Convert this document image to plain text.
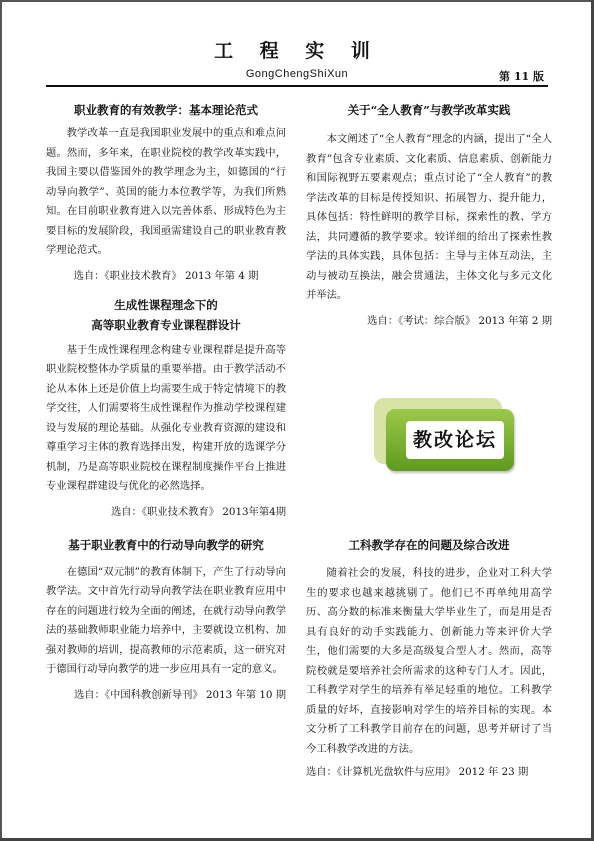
工 程 实 训
GongChengShiXun	第 11 版
职业教育的有效教学：基本理论范式

教学改革一直是我国职业发展中的重点和难点问题。然而，多年来，在职业院校的教学改革实践中，我国主要以借鉴国外的教学理念为主，如德国的“行动导向教学”、英国的能力本位教学等，为我们所熟知。在目前职业教育进入以完善体系、形成特色为主要目标的发展阶段，我国亟需建设自己的职业教育教学理论范式。

选自：《职业技术教育》 2013 年第 4 期

生成性课程理念下的
高等职业教育专业课程群设计

基于生成性课程理念构建专业课程群是提升高等职业院校整体办学质量的重要举措。由于教学活动不论从本体上还是价值上均需要生成于特定情境下的教学交往，人们需要将生成性课程作为推动学校课程建设与发展的理论基础。从强化专业教育资源的建设和尊重学习主体的教育选择出发，构建开放的选课学分机制，乃是高等职业院校在课程制度操作平台上推进专业课程群建设与优化的必然选择。

选自：《职业技术教育》 2013年第4期

基于职业教育中的行动导向教学的研究

在德国“双元制”的教育体制下，产生了行动导向教学法。文中首先行动导向教学法在职业教育应用中存在的问题进行较为全面的阐述，在就行动导向教学法的基础教师职业能力培养中，主要就设立机构、加强对教师的培训，提高教师的示范素质，这一研究对于德国行动导向教学的进一步应用具有一定的意义。

选自：《中国科教创新导刊》 2013 年第 10 期

关于“全人教育”与教学改革实践

本文阐述了“全人教育”理念的内涵，提出了“全人教育”包含专业素质、文化素质、信息素质、创新能力和国际视野五要素观点；重点讨论了“全人教育”的教学法改革的目标是传授知识、拓展智力、提升能力，具体包括：特性鲜明的教学目标，探索性的教、学方法，共同遵循的教学要求。较详细的给出了探索性教学法的具体实践，具体包括：主导与主体互动法，主动与被动互换法，融会贯通法，主体文化与多元文化并举法。

选自：《考试：综合版》 2013 年第 2 期

教改论坛
工科教学存在的问题及综合改进

随着社会的发展，科技的进步，企业对工科大学生的要求也越来越挑剔了。他们已不再单纯用高学历、高分数的标准来衡量大学毕业生了，而是用是否具有良好的动手实践能力、创新能力等来评价大学生，他们需要的大多是高级复合型人才。然而，高等院校就是要培养社会所需求的这种专门人才。因此，工科教学对学生的培养有举足轻重的地位。工科教学质量的好坏，直接影响对学生的培养目标的实现。本文分析了工科教学目前存在的问题，思考并研讨了当今工科教学改进的方法。

选自：《计算机光盘软件与应用》 2012 年 23 期
